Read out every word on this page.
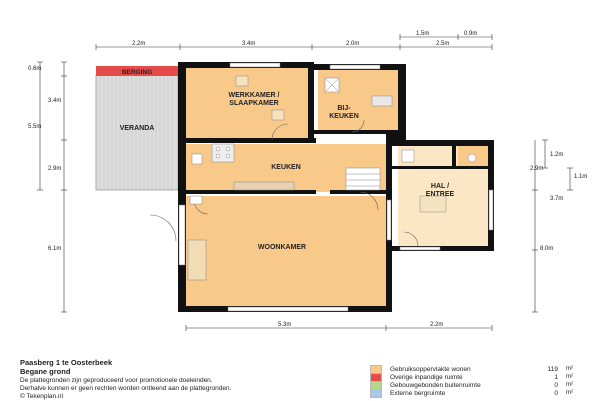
BERGING
VERANDA
WERKKAMER /
SLAAPKAMER
BIJ-
KEUKEN
KEUKEN
HAL /
ENTREE
WOONKAMER
2.2m	3.4m	2.0m	2.5m
1.5m	0.9m
0.6m
3.4m
5.5m
2.9m
6.1m
1.2m
1.1m
2.9m
3.7m
8.0m
5.3m	2.2m
Paasberg 1 te Oosterbeek
Begane grond
De plattegronden zijn geproduceerd voor promotionele doeleinden.
Derhalve kunnen er geen rechten worden ontleend aan de plattegronden.
© Tekenplan.nl
Gebruiksoppervlakte wonen	119 m²
Overige inpandige ruimte	1 m²
Gebouwgebonden buitenruimte	0 m²
Externe bergruimte	0 m²
